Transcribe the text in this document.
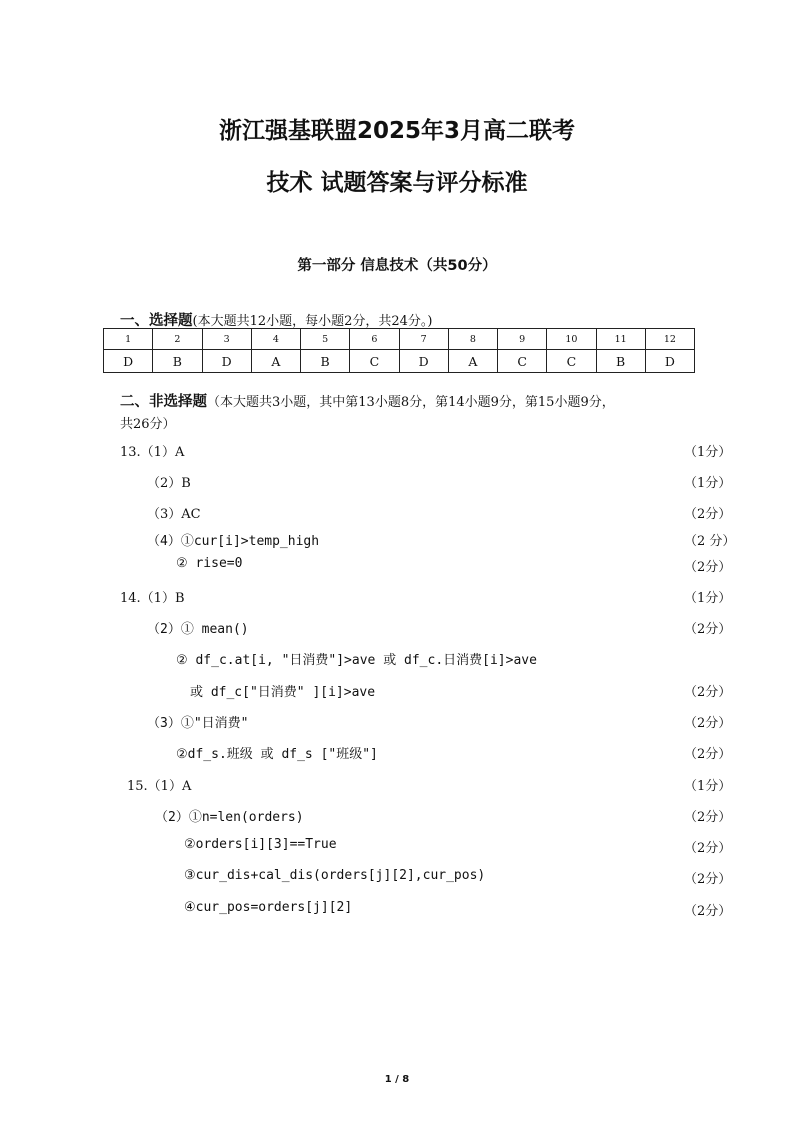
浙江强基联盟2025年3月高二联考
技术 试题答案与评分标准
第一部分 信息技术（共50分）
一、选择题(本大题共12小题，每小题2分，共24分。)
1	2	3	4	5	6	7	8	9	10	11	12
D	B	D	A	B	C	D	A	C	C	B	D
二、非选择题（本大题共3小题，其中第13小题8分，第14小题9分，第15小题9分，
共26分）
13.（1）A	（1分）
（2）B	（1分）
（3）AC	（2分）
（4）①cur[i]>temp_high	（2 分）
② rise=0	（2分）
14.（1）B	（1分）
（2）① mean()	（2分）
② df_c.at[i, "日消费"]>ave 或 df_c.日消费[i]>ave
或 df_c["日消费" ][i]>ave	（2分）
（3）①"日消费"	（2分）
②df_s.班级 或 df_s ["班级"]	（2分）
15.（1）A	（1分）
（2）①n=len(orders)	（2分）
②orders[i][3]==True	（2分）
③cur_dis+cal_dis(orders[j][2],cur_pos)	（2分）
④cur_pos=orders[j][2]	（2分）
1 / 8
